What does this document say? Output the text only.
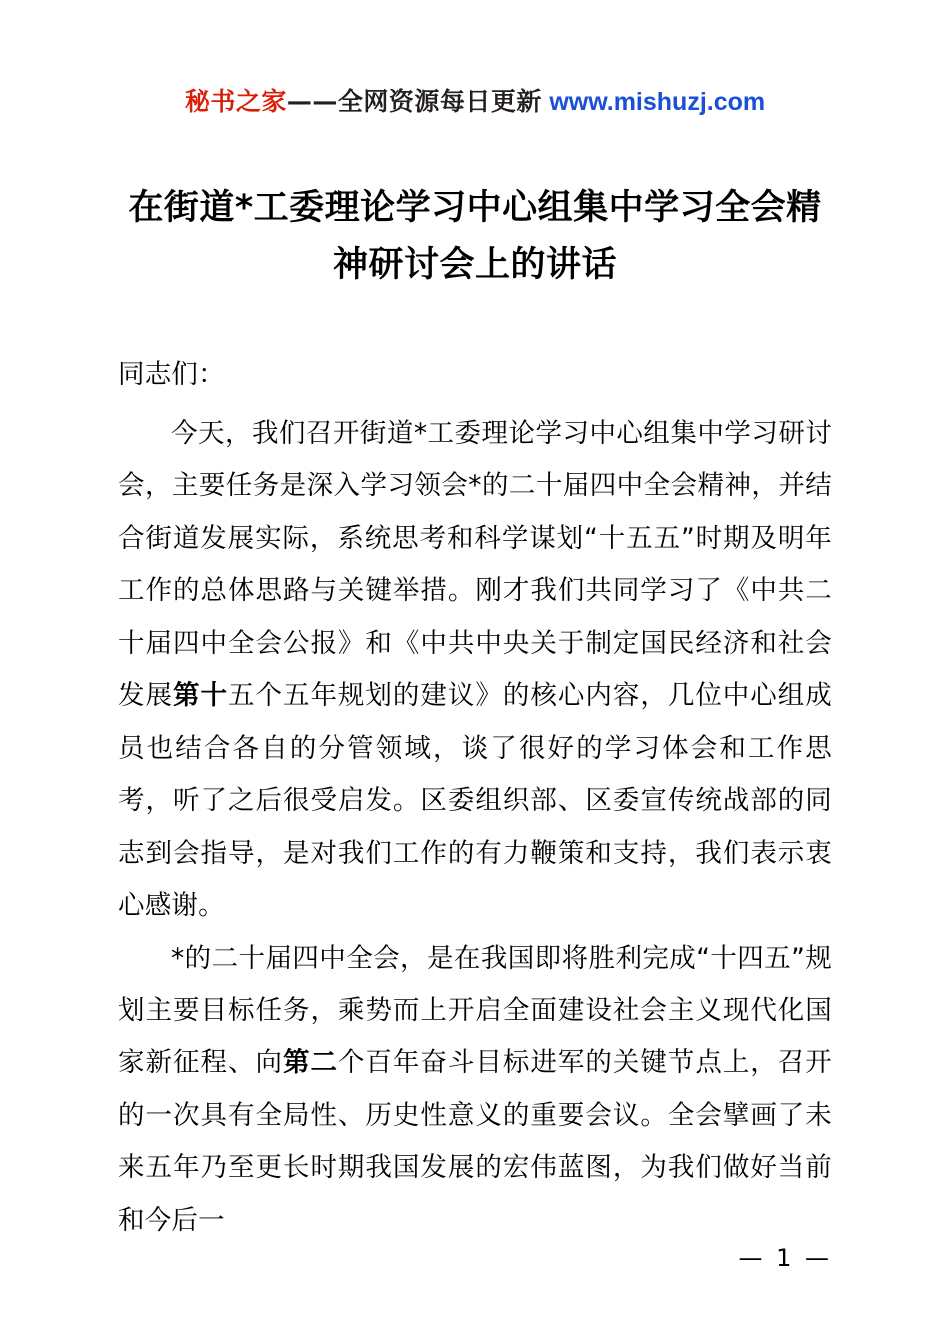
秘书之家——全网资源每日更新 www.mishuzj.com
在街道*工委理论学习中心组集中学习全会精神研讨会上的讲话

同志们：

今天，我们召开街道*工委理论学习中心组集中学习研讨会，主要任务是深入学习领会*的二十届四中全会精神，并结合街道发展实际，系统思考和科学谋划“十五五”时期及明年工作的总体思路与关键举措。刚才我们共同学习了《中共二十届四中全会公报》和《中共中央关于制定国民经济和社会发展第十五个五年规划的建议》的核心内容，几位中心组成员也结合各自的分管领域，谈了很好的学习体会和工作思考，听了之后很受启发。区委组织部、区委宣传统战部的同志到会指导，是对我们工作的有力鞭策和支持，我们表示衷心感谢。

*的二十届四中全会，是在我国即将胜利完成“十四五”规划主要目标任务，乘势而上开启全面建设社会主义现代化国家新征程、向第二个百年奋斗目标进军的关键节点上，召开的一次具有全局性、历史性意义的重要会议。全会擘画了未来五年乃至更长时期我国发展的宏伟蓝图，为我们做好当前和今后一

— 1 —
